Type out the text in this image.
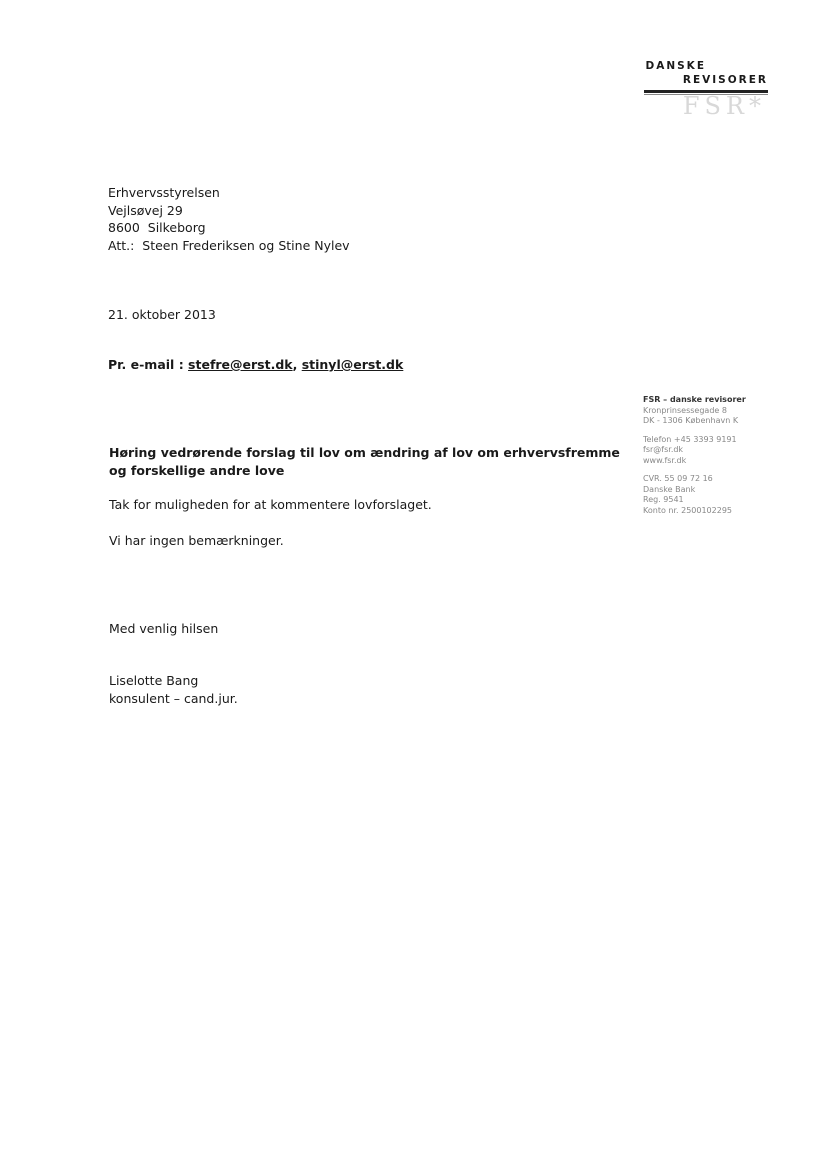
DANSKE
REVISORER
FSR*
Erhvervsstyrelsen
Vejlsøvej 29
8600  Silkeborg
Att.:  Steen Frederiksen og Stine Nylev
21. oktober 2013
Pr. e-mail : stefre@erst.dk, stinyl@erst.dk
FSR – danske revisorer
Kronprinsessegade 8
DK - 1306 København K
Telefon +45 3393 9191
fsr@fsr.dk
www.fsr.dk
CVR. 55 09 72 16
Danske Bank
Reg. 9541
Konto nr. 2500102295
Høring vedrørende forslag til lov om ændring af lov om erhvervsfremme
og forskellige andre love
Tak for muligheden for at kommentere lovforslaget.
Vi har ingen bemærkninger.
Med venlig hilsen
Liselotte Bang
konsulent – cand.jur.
